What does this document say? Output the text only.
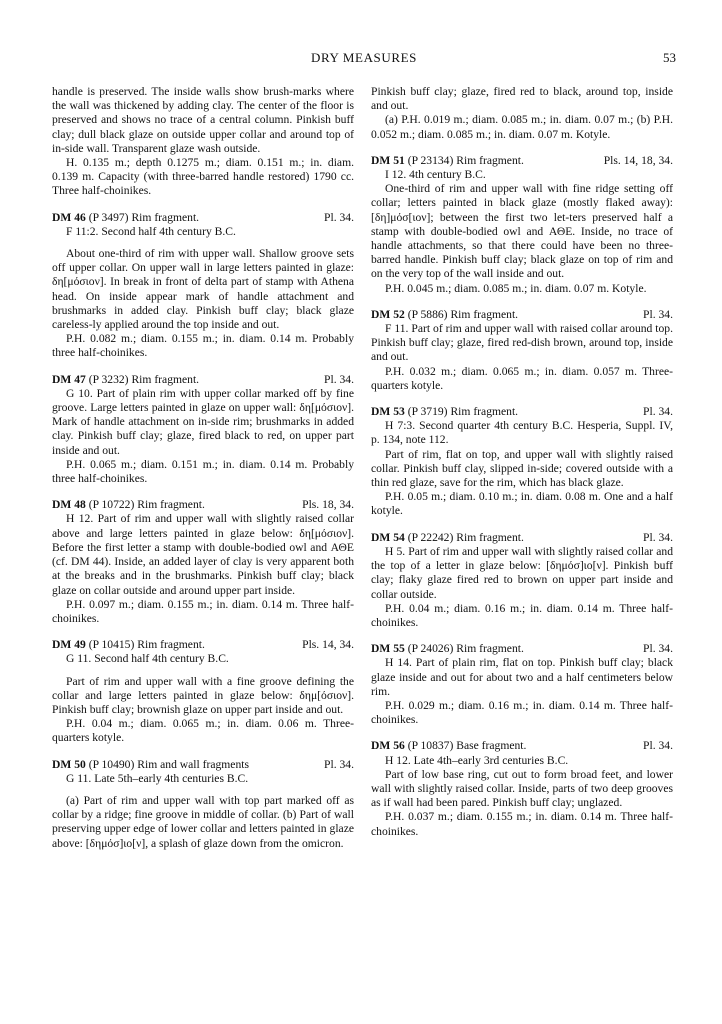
DRY MEASURES	53

handle is preserved. The inside walls show brush-marks where the wall was thickened by adding clay. The center of the floor is preserved and shows no trace of a central column. Pinkish buff clay; dull black glaze on outside upper collar and around top of in-side wall. Transparent glaze wash outside.

H. 0.135 m.; depth 0.1275 m.; diam. 0.151 m.; in. diam. 0.139 m. Capacity (with three-barred handle restored) 1790 cc. Three half-choinikes.

DM 46 (P 3497) Rim fragment.	Pl. 34.

F 11:2. Second half 4th century B.C.

About one-third of rim with upper wall. Shallow groove sets off upper collar. On upper wall in large letters painted in glaze: δη[μόσιον]. In break in front of delta part of stamp with Athena head. On inside appear mark of handle attachment and brushmarks in added clay. Pinkish buff clay; black glaze careless-ly applied around the top inside and out.

P.H. 0.082 m.; diam. 0.155 m.; in. diam. 0.14 m. Probably three half-choinikes.

DM 47 (P 3232) Rim fragment.	Pl. 34.

G 10. Part of plain rim with upper collar marked off by fine groove. Large letters painted in glaze on upper wall: δη[μόσιον]. Mark of handle attachment on in-side rim; brushmarks in added clay. Pinkish buff clay; glaze, fired black to red, on upper part inside and out.

P.H. 0.065 m.; diam. 0.151 m.; in. diam. 0.14 m. Probably three half-choinikes.

DM 48 (P 10722) Rim fragment.	Pls. 18, 34.

H 12. Part of rim and upper wall with slightly raised collar above and large letters painted in glaze below: δη[μόσιον]. Before the first letter a stamp with double-bodied owl and ΑΘΕ (cf. DM 44). Inside, an added layer of clay is very apparent both at the breaks and in the brushmarks. Pinkish buff clay; black glaze on collar outside and around upper part inside.

P.H. 0.097 m.; diam. 0.155 m.; in. diam. 0.14 m. Three half-choinikes.

DM 49 (P 10415) Rim fragment.	Pls. 14, 34.

G 11. Second half 4th century B.C.

Part of rim and upper wall with a fine groove defining the collar and large letters painted in glaze below: δημ[όσιον]. Pinkish buff clay; brownish glaze on upper part inside and out.

P.H. 0.04 m.; diam. 0.065 m.; in. diam. 0.06 m. Three-quarters kotyle.

DM 50 (P 10490) Rim and wall fragments	Pl. 34.

G 11. Late 5th–early 4th centuries B.C.

(a) Part of rim and upper wall with top part marked off as collar by a ridge; fine groove in middle of collar. (b) Part of wall preserving upper edge of lower collar and letters painted in glaze above: [δημόσ]ιο[ν], a splash of glaze down from the omicron.

Pinkish buff clay; glaze, fired red to black, around top, inside and out.

(a) P.H. 0.019 m.; diam. 0.085 m.; in. diam. 0.07 m.; (b) P.H. 0.052 m.; diam. 0.085 m.; in. diam. 0.07 m. Kotyle.

DM 51 (P 23134) Rim fragment.	Pls. 14, 18, 34.

I 12. 4th century B.C.

One-third of rim and upper wall with fine ridge setting off collar; letters painted in black glaze (mostly flaked away): [δη]μόσ[ιον]; between the first two let-ters preserved half a stamp with double-bodied owl and ΑΘΕ. Inside, no trace of handle attachments, so that there could have been no three-barred handle. Pinkish buff clay; black glaze on top of rim and on the very top of the wall inside and out.

P.H. 0.045 m.; diam. 0.085 m.; in. diam. 0.07 m. Kotyle.

DM 52 (P 5886) Rim fragment.	Pl. 34.

F 11. Part of rim and upper wall with raised collar around top. Pinkish buff clay; glaze, fired red-dish brown, around top, inside and out.

P.H. 0.032 m.; diam. 0.065 m.; in. diam. 0.057 m. Three-quarters kotyle.

DM 53 (P 3719) Rim fragment.	Pl. 34.

H 7:3. Second quarter 4th century B.C. Hesperia, Suppl. IV, p. 134, note 112.

Part of rim, flat on top, and upper wall with slightly raised collar. Pinkish buff clay, slipped in-side; covered outside with a thin red glaze, save for the rim, which has black glaze.

P.H. 0.05 m.; diam. 0.10 m.; in. diam. 0.08 m. One and a half kotyle.

DM 54 (P 22242) Rim fragment.	Pl. 34.

H 5. Part of rim and upper wall with slightly raised collar and the top of a letter in glaze below: [δημόσ]ιο[ν]. Pinkish buff clay; flaky glaze fired red to brown on upper part inside and collar outside.

P.H. 0.04 m.; diam. 0.16 m.; in. diam. 0.14 m. Three half-choinikes.

DM 55 (P 24026) Rim fragment.	Pl. 34.

H 14. Part of plain rim, flat on top. Pinkish buff clay; black glaze inside and out for about two and a half centimeters below rim.

P.H. 0.029 m.; diam. 0.16 m.; in. diam. 0.14 m. Three half-choinikes.

DM 56 (P 10837) Base fragment.	Pl. 34.

H 12. Late 4th–early 3rd centuries B.C.

Part of low base ring, cut out to form broad feet, and lower wall with slightly raised collar. Inside, parts of two deep grooves as if wall had been pared. Pinkish buff clay; unglazed.

P.H. 0.037 m.; diam. 0.155 m.; in. diam. 0.14 m. Three half-choinikes.
